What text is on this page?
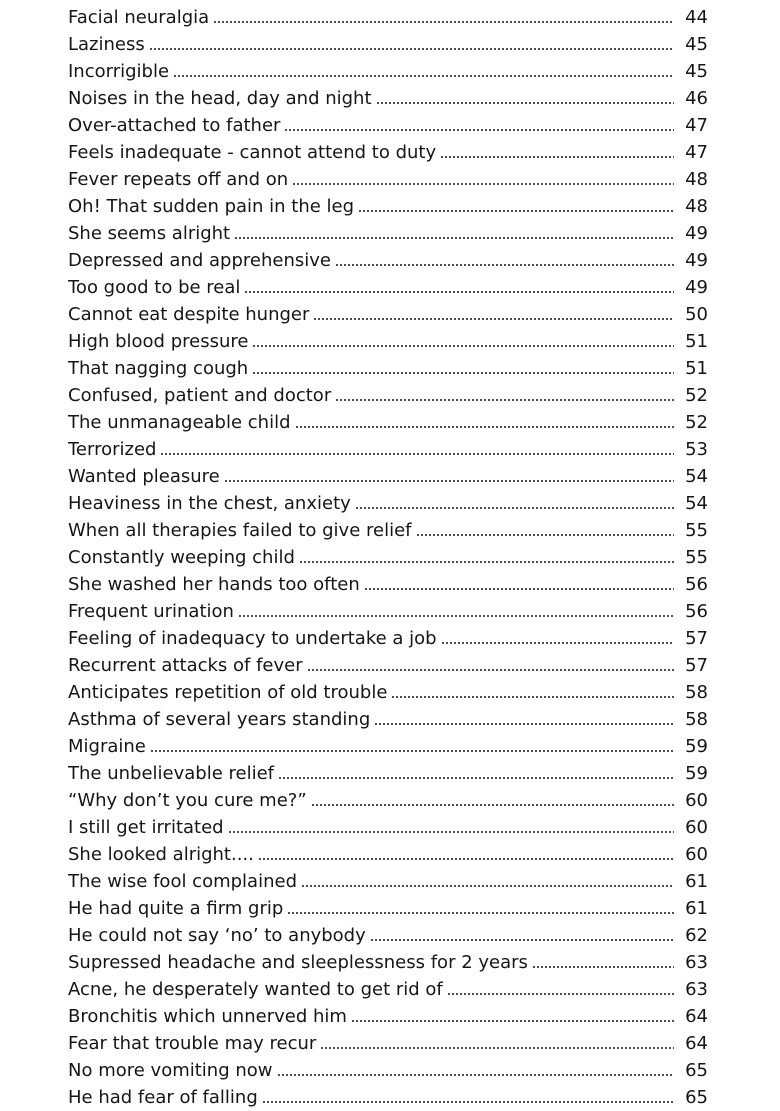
Facial neuralgia	44
Laziness	45
Incorrigible	45
Noises in the head, day and night	46
Over-attached to father	47
Feels inadequate - cannot attend to duty	47
Fever repeats off and on	48
Oh! That sudden pain in the leg	48
She seems alright	49
Depressed and apprehensive	49
Too good to be real	49
Cannot eat despite hunger	50
High blood pressure	51
That nagging cough	51
Confused, patient and doctor	52
The unmanageable child	52
Terrorized	53
Wanted pleasure	54
Heaviness in the chest, anxiety	54
When all therapies failed to give relief	55
Constantly weeping child	55
She washed her hands too often	56
Frequent urination	56
Feeling of inadequacy to undertake a job	57
Recurrent attacks of fever	57
Anticipates repetition of old trouble	58
Asthma of several years standing	58
Migraine	59
The unbelievable relief	59
“Why don’t you cure me?”	60
I still get irritated	60
She looked alright....	60
The wise fool complained	61
He had quite a firm grip	61
He could not say ‘no’ to anybody	62
Supressed headache and sleeplessness for 2 years	63
Acne, he desperately wanted to get rid of	63
Bronchitis which unnerved him	64
Fear that trouble may recur	64
No more vomiting now	65
He had fear of falling	65
